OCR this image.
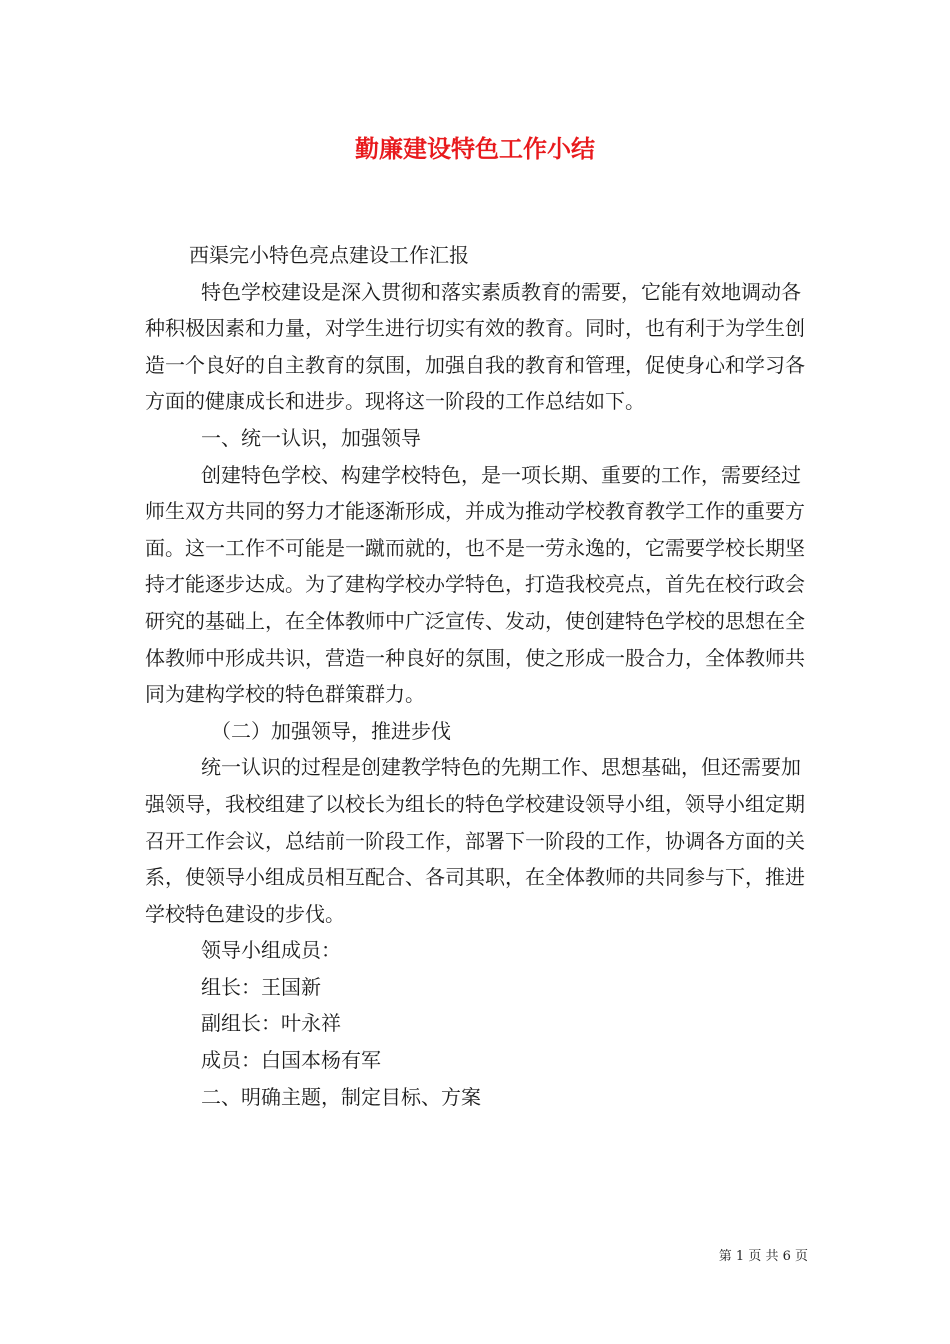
勤廉建设特色工作小结

西渠完小特色亮点建设工作汇报

特色学校建设是深入贯彻和落实素质教育的需要，它能有效地调动各种积极因素和力量，对学生进行切实有效的教育。同时，也有利于为学生创造一个良好的自主教育的氛围，加强自我的教育和管理，促使身心和学习各方面的健康成长和进步。现将这一阶段的工作总结如下。

一、统一认识，加强领导

创建特色学校、构建学校特色，是一项长期、重要的工作，需要经过师生双方共同的努力才能逐渐形成，并成为推动学校教育教学工作的重要方面。这一工作不可能是一蹴而就的，也不是一劳永逸的，它需要学校长期坚持才能逐步达成。为了建构学校办学特色，打造我校亮点，首先在校行政会研究的基础上，在全体教师中广泛宣传、发动，使创建特色学校的思想在全体教师中形成共识，营造一种良好的氛围，使之形成一股合力，全体教师共同为建构学校的特色群策群力。

（二）加强领导，推进步伐

统一认识的过程是创建教学特色的先期工作、思想基础，但还需要加强领导，我校组建了以校长为组长的特色学校建设领导小组，领导小组定期召开工作会议，总结前一阶段工作，部署下一阶段的工作，协调各方面的关系，使领导小组成员相互配合、各司其职，在全体教师的共同参与下，推进学校特色建设的步伐。

领导小组成员：

组长：王国新

副组长：叶永祥

成员：白国本杨有军

二、明确主题，制定目标、方案

第 1 页 共 6 页
